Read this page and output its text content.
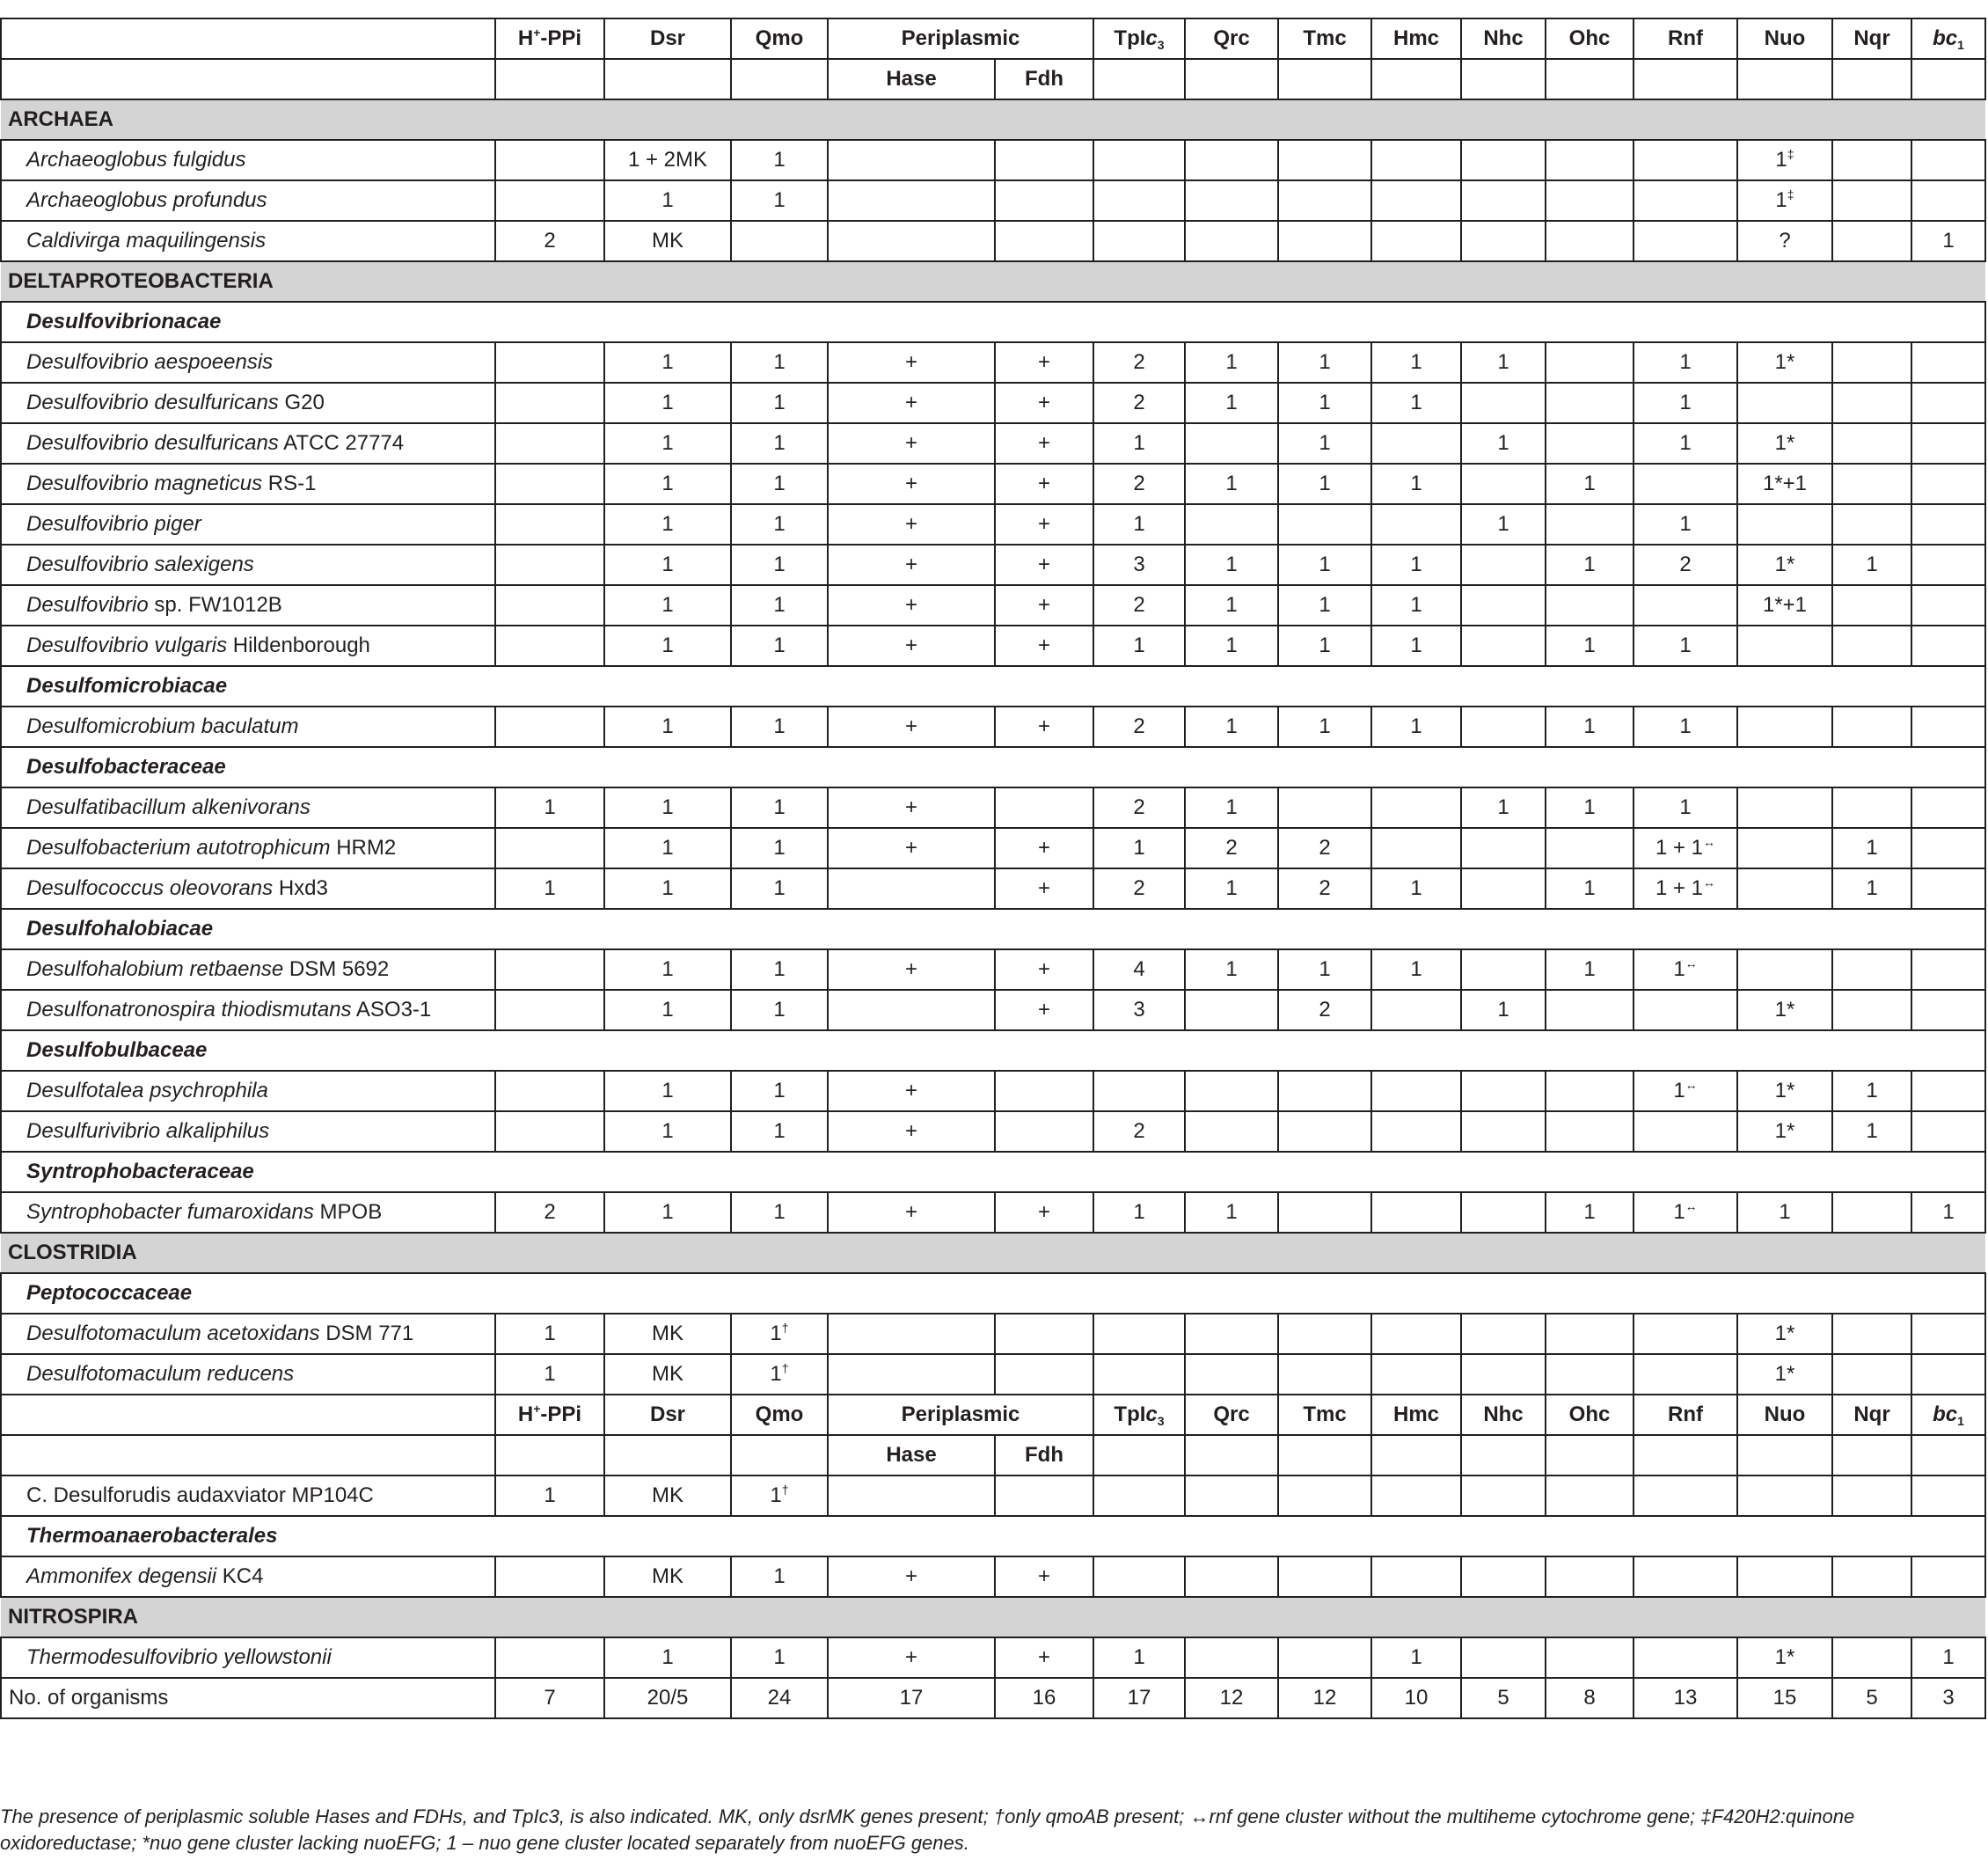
	H+-PPi	Dsr	Qmo	Periplasmic		TpIc$_3$	Qrc	Tmc	Hmc	Nhc	Ohc	Rnf	Nuo	Nqr	$bc_1$
				Hase	Fdh										
ARCHAEA															
Archaeoglobus fulgidus		1 + 2MK	1										1‡		
Archaeoglobus profundus		1	1										1‡		
Caldivirga maquilingensis	2	MK											?		1
DELTAPROTEOBACTERIA															
Desulfovibrionacae															
Desulfovibrio aespoeensis		1	1	+	+	2	1	1	1	1		1	1*		
Desulfovibrio desulfuricans G20		1	1	+	+	2	1	1	1			1			
Desulfovibrio desulfuricans ATCC 27774		1	1	+	+	1		1		1		1	1*		
Desulfovibrio magneticus RS-1		1	1	+	+	2	1	1	1		1		1*+1		
Desulfovibrio piger		1	1	+	+	1				1		1			
Desulfovibrio salexigens		1	1	+	+	3	1	1	1		1	2	1*	1	
Desulfovibrio sp. FW1012B		1	1	+	+	2	1	1	1				1*+1		
Desulfovibrio vulgaris Hildenborough		1	1	+	+	1	1	1	1		1	1			
Desulfomicrobiacae															
Desulfomicrobium baculatum		1	1	+	+	2	1	1	1		1	1			
Desulfobacteraceae															
Desulfatibacillum alkenivorans	1	1	1	+		2	1			1	1	1			
Desulfobacterium autotrophicum HRM2		1	1	+	+	1	2	2				1 + 1↔		1	
Desulfococcus oleovorans Hxd3	1	1	1		+	2	1	2	1		1	1 + 1↔		1	
Desulfohalobiacae															
Desulfohalobium retbaense DSM 5692		1	1	+	+	4	1	1	1		1	1↔			
Desulfonatronospira thiodismutans ASO3-1		1	1		+	3		2		1			1*		
Desulfobulbaceae															
Desulfotalea psychrophila		1	1	+								1↔	1*	1	
Desulfurivibrio alkaliphilus		1	1	+		2							1*	1	
Syntrophobacteraceae															
Syntrophobacter fumaroxidans MPOB	2	1	1	+	+	1	1				1	1↔	1		1
CLOSTRIDIA															
Peptococcaceae															
Desulfotomaculum acetoxidans DSM 771	1	MK	1†										1*		
Desulfotomaculum reducens	1	MK	1†										1*		
	H+-PPi	Dsr	Qmo	Periplasmic		TpIc$_3$	Qrc	Tmc	Hmc	Nhc	Ohc	Rnf	Nuo	Nqr	$bc_1$
				Hase	Fdh										
C. Desulforudis audaxviator MP104C	1	MK	1†												
Thermoanaerobacterales															
Ammonifex degensii KC4		MK	1	+	+										
NITROSPIRA															
Thermodesulfovibrio yellowstonii		1	1	+	+	1			1				1*		1
No. of organisms	7	20/5	24	17	16	17	12	12	10	5	8	13	15	5	3
The presence of periplasmic soluble Hases and FDHs, and TpIc3, is also indicated. MK, only dsrMK genes present; †only qmoAB present; ↔rnf gene cluster without the multiheme cytochrome gene; ‡F420H2:quinone oxidoreductase; *nuo gene cluster lacking nuoEFG; 1 – nuo gene cluster located separately from nuoEFG genes.
